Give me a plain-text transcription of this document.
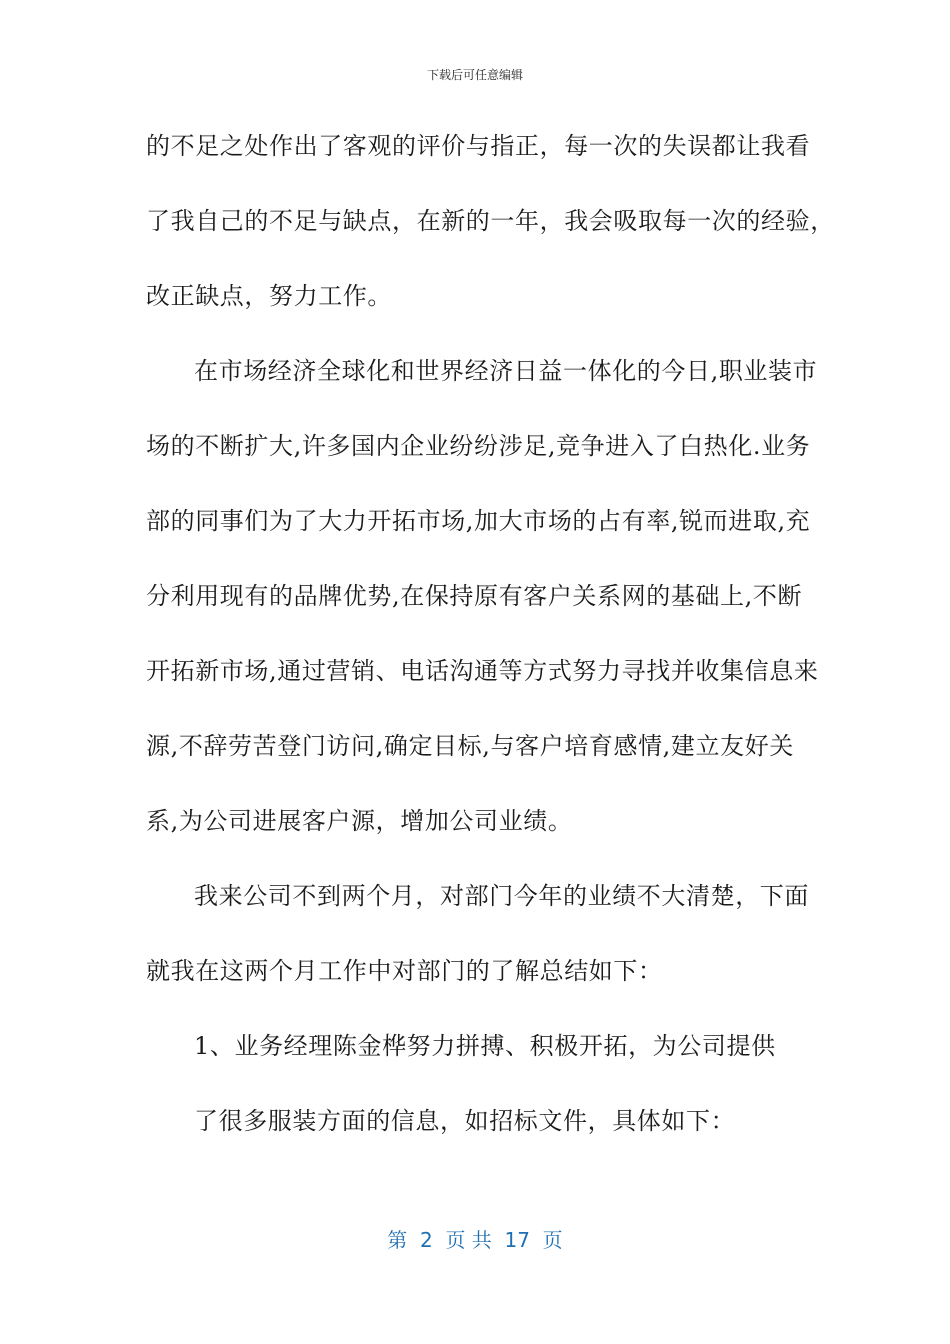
下载后可任意编辑
的不足之处作出了客观的评价与指正，每一次的失误都让我看
了我自己的不足与缺点，在新的一年，我会吸取每一次的经验，
改正缺点，努力工作。
在市场经济全球化和世界经济日益一体化的今日,职业装市
场的不断扩大,许多国内企业纷纷涉足,竞争进入了白热化.业务
部的同事们为了大力开拓市场,加大市场的占有率,锐而进取,充
分利用现有的品牌优势,在保持原有客户关系网的基础上,不断
开拓新市场,通过营销、电话沟通等方式努力寻找并收集信息来
源,不辞劳苦登门访问,确定目标,与客户培育感情,建立友好关
系,为公司进展客户源，增加公司业绩。
我来公司不到两个月，对部门今年的业绩不大清楚，下面
就我在这两个月工作中对部门的了解总结如下：
1、业务经理陈金桦努力拼搏、积极开拓，为公司提供
了很多服装方面的信息，如招标文件，具体如下：
第  2  页 共  17  页
